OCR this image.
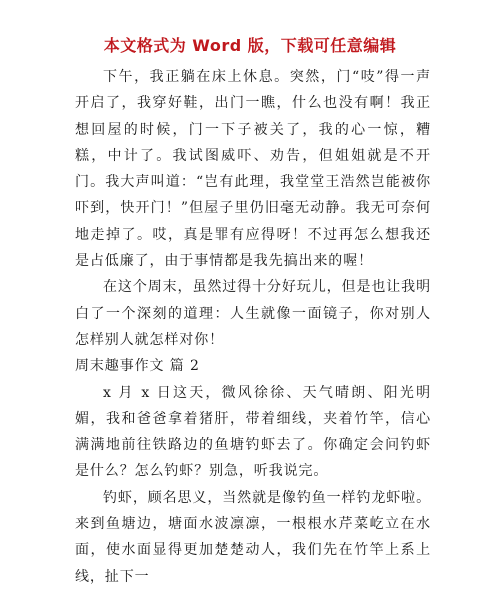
本文格式为 Word 版，下载可任意编辑

下午，我正躺在床上休息。突然，门“吱”得一声开启了，我穿好鞋，出门一瞧，什么也没有啊！我正想回屋的时候，门一下子被关了，我的心一惊，糟糕，中计了。我试图威吓、劝告，但姐姐就是不开门。我大声叫道：“岂有此理，我堂堂王浩然岂能被你吓到，快开门！”但屋子里仍旧毫无动静。我无可奈何地走掉了。哎，真是罪有应得呀！不过再怎么想我还是占低廉了，由于事情都是我先搞出来的喔！

在这个周末，虽然过得十分好玩儿，但是也让我明白了一个深刻的道理：人生就像一面镜子，你对别人怎样别人就怎样对你！

周末趣事作文 篇 2

x 月 x 日这天，微风徐徐、天气晴朗、阳光明媚，我和爸爸拿着猪肝，带着细线，夹着竹竿，信心满满地前往铁路边的鱼塘钓虾去了。你确定会问钓虾是什么？怎么钓虾？别急，听我说完。

钓虾，顾名思义，当然就是像钓鱼一样钓龙虾啦。来到鱼塘边，塘面水波凛凛，一根根水芹菜屹立在水面，使水面显得更加楚楚动人，我们先在竹竿上系上线，扯下一
